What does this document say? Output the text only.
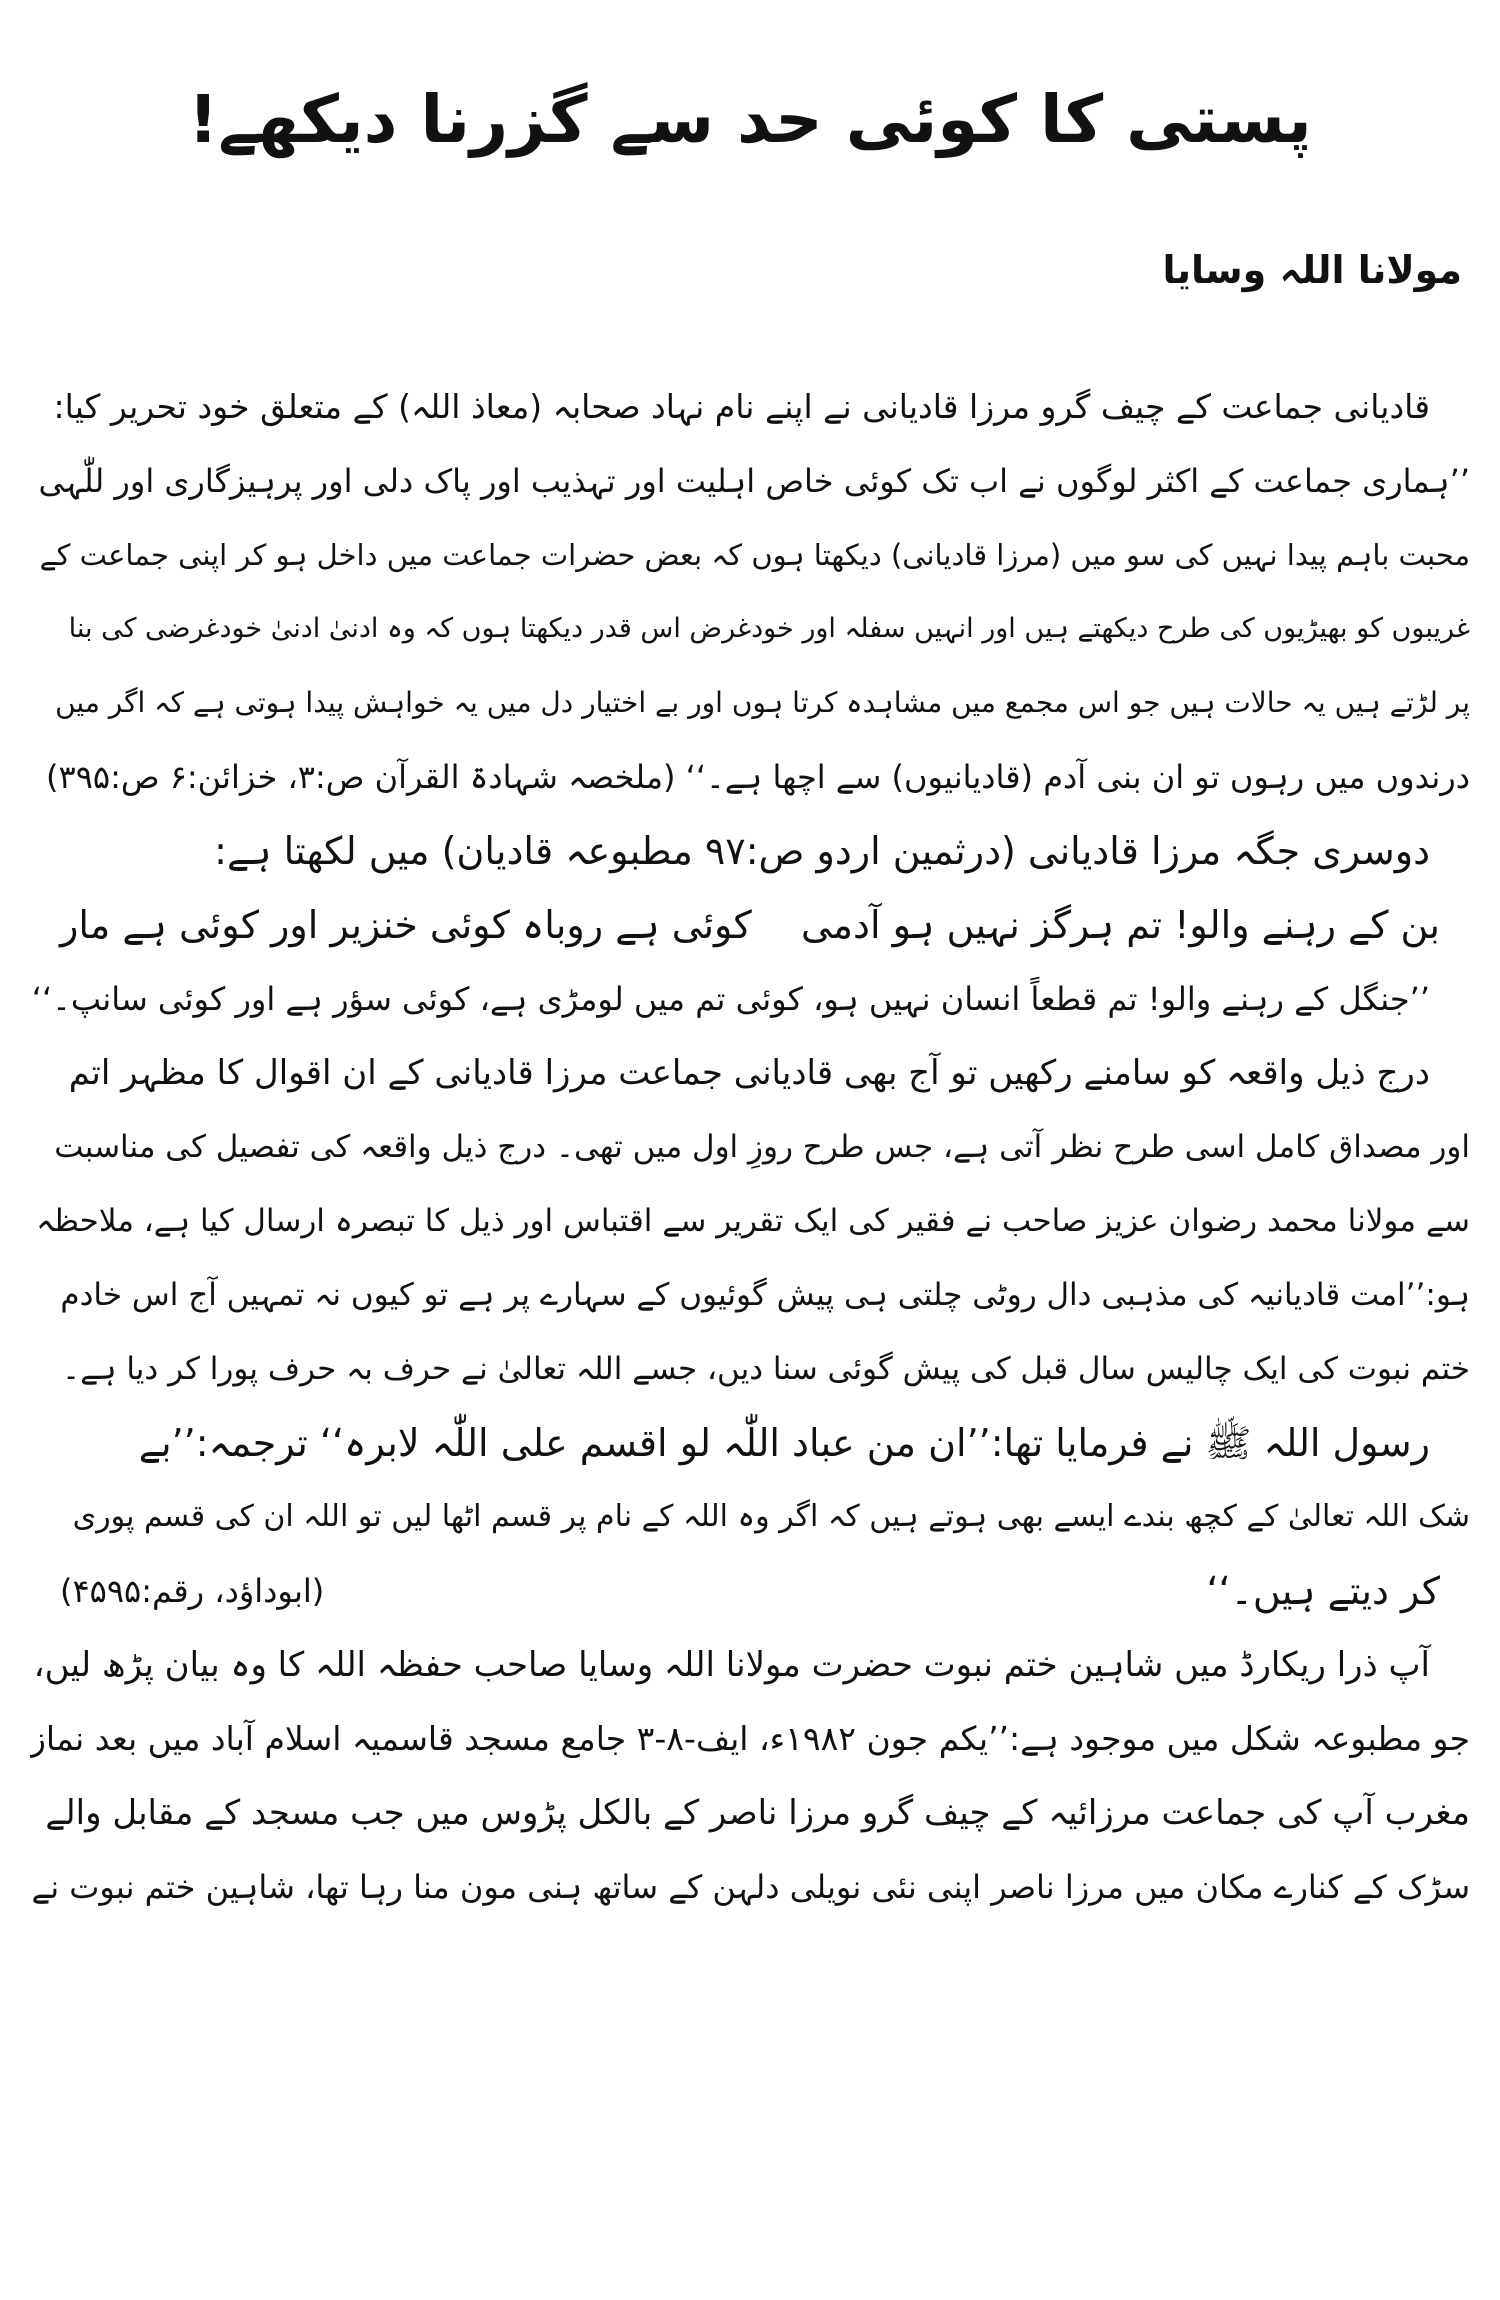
پستی کا کوئی حد سے گزرنا دیکھے!
مولانا اللہ وسایا
قادیانی جماعت کے چیف گرو مرزا قادیانی نے اپنے نام نہاد صحابہ (معاذ اللہ) کے متعلق خود تحریر کیا:
’’ہماری جماعت کے اکثر لوگوں نے اب تک کوئی خاص اہلیت اور تہذیب اور پاک دلی اور پرہیزگاری اور للّٰہی
محبت باہم پیدا نہیں کی سو میں (مرزا قادیانی) دیکھتا ہوں کہ بعض حضرات جماعت میں داخل ہو کر اپنی جماعت کے
غریبوں کو بھیڑیوں کی طرح دیکھتے ہیں اور انہیں سفلہ اور خودغرض اس قدر دیکھتا ہوں کہ وہ ادنیٰ ادنیٰ خودغرضی کی بنا
پر لڑتے ہیں یہ حالات ہیں جو اس مجمع میں مشاہدہ کرتا ہوں اور بے اختیار دل میں یہ خواہش پیدا ہوتی ہے کہ اگر میں
درندوں میں رہوں تو ان بنی آدم (قادیانیوں) سے اچھا ہے۔‘‘ (ملخصہ شہادۃ القرآن ص:۳، خزائن:۶ ص:۳۹۵)
دوسری جگہ مرزا قادیانی (درثمین اردو ص:۹۷ مطبوعہ قادیان) میں لکھتا ہے:
بن کے رہنے والو! تم ہرگز نہیں ہو آدمی
کوئی ہے روباہ کوئی خنزیر اور کوئی ہے مار
’’جنگل کے رہنے والو! تم قطعاً انسان نہیں ہو، کوئی تم میں لومڑی ہے، کوئی سؤر ہے اور کوئی سانپ۔‘‘
درج ذیل واقعہ کو سامنے رکھیں تو آج بھی قادیانی جماعت مرزا قادیانی کے ان اقوال کا مظہر اتم
اور مصداق کامل اسی طرح نظر آتی ہے، جس طرح روزِ اول میں تھی۔ درج ذیل واقعہ کی تفصیل کی مناسبت
سے مولانا محمد رضوان عزیز صاحب نے فقیر کی ایک تقریر سے اقتباس اور ذیل کا تبصرہ ارسال کیا ہے، ملاحظہ
ہو:’’امت قادیانیہ کی مذہبی دال روٹی چلتی ہی پیش گوئیوں کے سہارے پر ہے تو کیوں نہ تمہیں آج اس خادم
ختم نبوت کی ایک چالیس سال قبل کی پیش گوئی سنا دیں، جسے اللہ تعالیٰ نے حرف بہ حرف پورا کر دیا ہے۔
رسول اللہ ﷺ نے فرمایا تھا:’’ان من عباد اللّٰہ لو اقسم علی اللّٰہ لابرہ‘‘ ترجمہ:’’بے
شک اللہ تعالیٰ کے کچھ بندے ایسے بھی ہوتے ہیں کہ اگر وہ اللہ کے نام پر قسم اٹھا لیں تو اللہ ان کی قسم پوری
کر دیتے ہیں۔‘‘
(ابوداؤد، رقم:۴۵۹۵)
آپ ذرا ریکارڈ میں شاہین ختم نبوت حضرت مولانا اللہ وسایا صاحب حفظہ اللہ کا وہ بیان پڑھ لیں،
جو مطبوعہ شکل میں موجود ہے:’’یکم جون ۱۹۸۲ء، ایف-۸-۳ جامع مسجد قاسمیہ اسلام آباد میں بعد نماز
مغرب آپ کی جماعت مرزائیہ کے چیف گرو مرزا ناصر کے بالکل پڑوس میں جب مسجد کے مقابل والے
سڑک کے کنارے مکان میں مرزا ناصر اپنی نئی نویلی دلہن کے ساتھ ہنی مون منا رہا تھا، شاہین ختم نبوت نے
